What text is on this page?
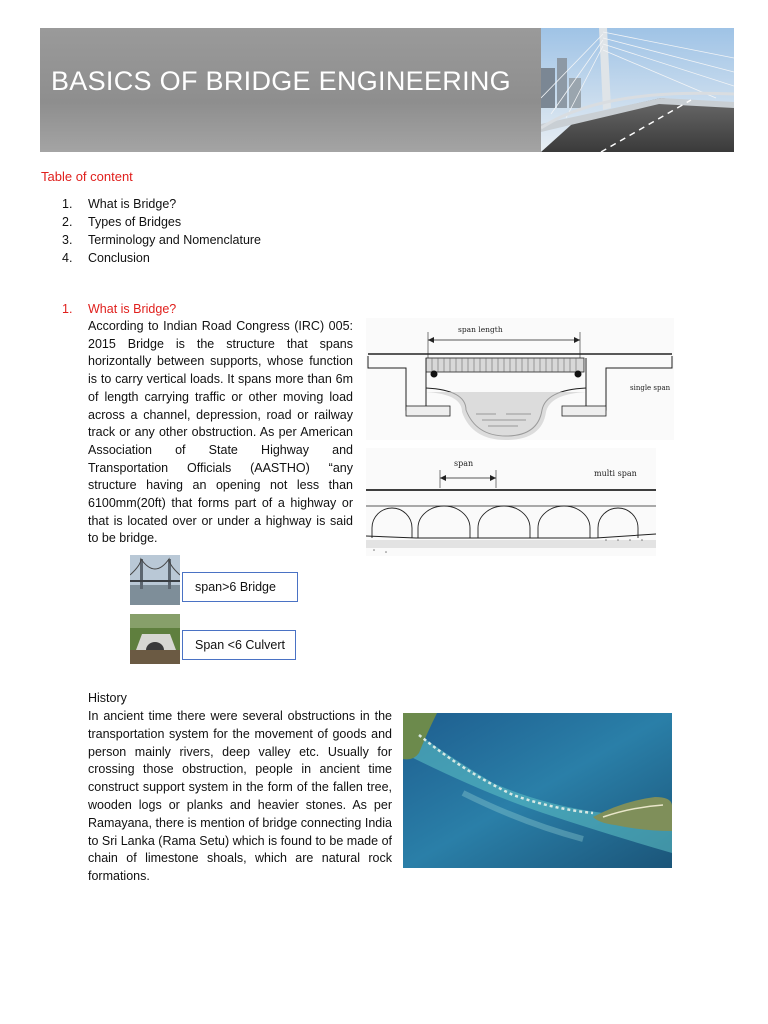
BASICS OF BRIDGE ENGINEERING
Table of content
1. What is Bridge?
2. Types of Bridges
3. Terminology and Nomenclature
4. Conclusion
1. What is Bridge?
According to Indian Road Congress (IRC) 005: 2015 Bridge is the structure that spans horizontally between supports, whose function is to carry vertical loads. It spans more than 6m of length carrying traffic or other moving load across a channel, depression, road or railway track or any other obstruction. As per American Association of State Highway and Transportation Officials (AASTHO) “any structure having an opening not less than 6100mm(20ft) that forms part of a highway or that is located over or under a highway is said to be bridge.
span length
single span
span
multi span
span>6 Bridge
Span <6 Culvert
History
In ancient time there were several obstructions in the transportation system for the movement of goods and person mainly rivers, deep valley etc. Usually for crossing those obstruction, people in ancient time construct support system in the form of the fallen tree, wooden logs or planks and heavier stones. As per Ramayana, there is mention of bridge connecting India to Sri Lanka (Rama Setu) which is found to be made of chain of limestone shoals, which are natural rock formations.
